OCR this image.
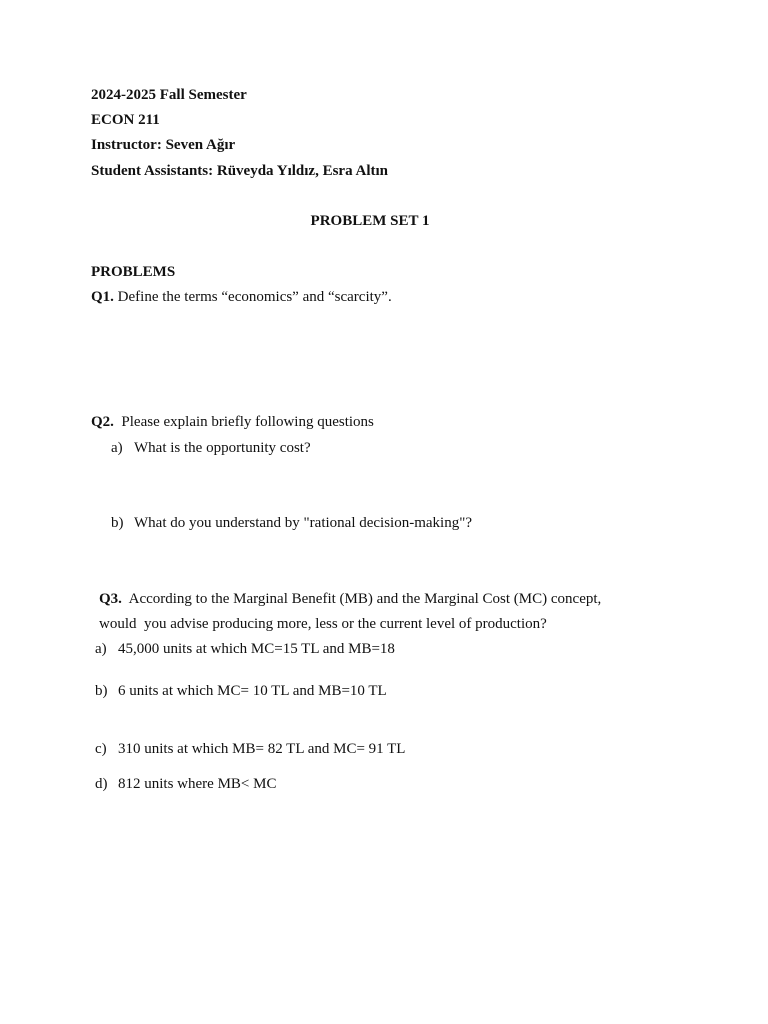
2024-2025 Fall Semester
ECON 211
Instructor: Seven Ağır
Student Assistants: Rüveyda Yıldız, Esra Altın
PROBLEM SET 1
PROBLEMS
Q1. Define the terms “economics” and “scarcity”.
Q2. Please explain briefly following questions
a) What is the opportunity cost?
b) What do you understand by "rational decision-making"?
Q3. According to the Marginal Benefit (MB) and the Marginal Cost (MC) concept,
would  you advise producing more, less or the current level of production?
a) 45,000 units at which MC=15 TL and MB=18
b) 6 units at which MC= 10 TL and MB=10 TL
c) 310 units at which MB= 82 TL and MC= 91 TL
d) 812 units where MB< MC
